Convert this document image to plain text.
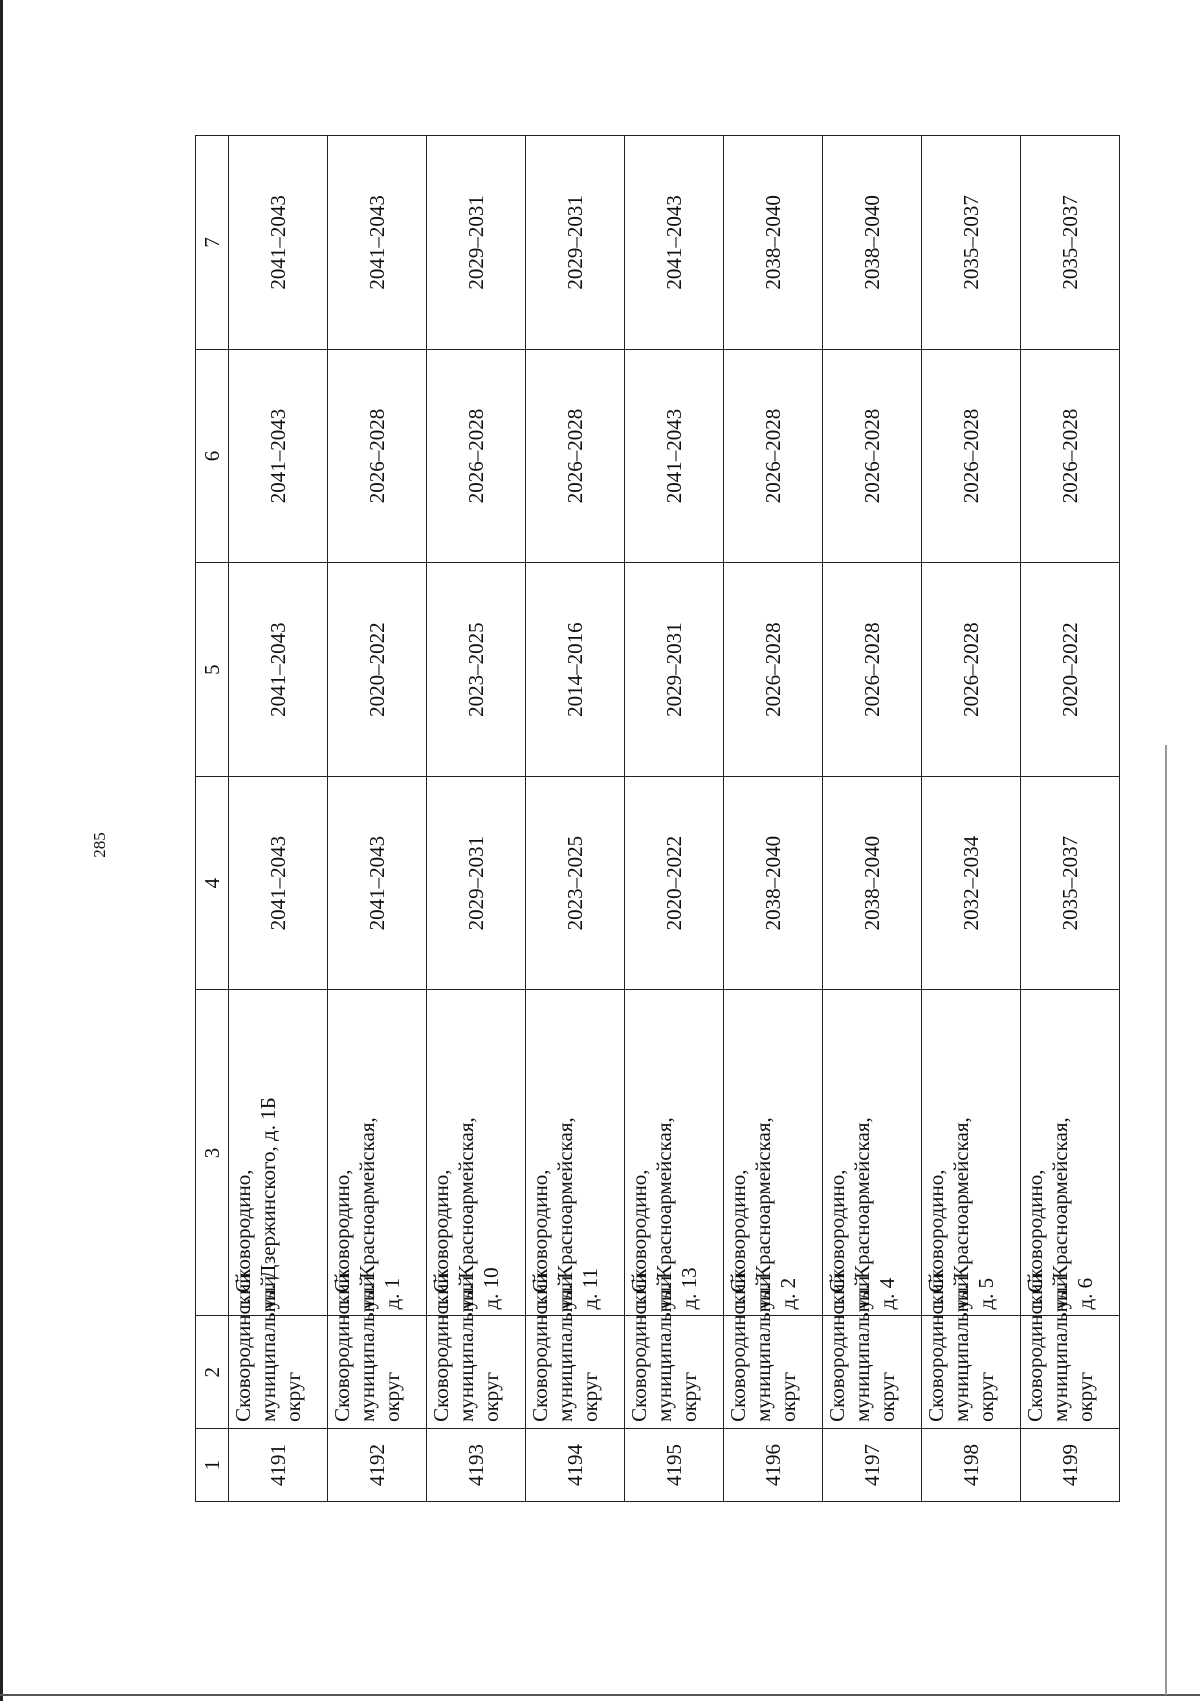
285
1	2	3	4	5	6	7
4191	Сковородинский муниципальный округ	г. Сковородино,
ул. Дзержинского, д. 1Б	2041–2043	2041–2043	2041–2043	2041–2043
4192	Сковородинский муниципальный округ	г. Сковородино,
ул. Красноармейская,
д. 1	2041–2043	2020–2022	2026–2028	2041–2043
4193	Сковородинский муниципальный округ	г. Сковородино,
ул. Красноармейская,
д. 10	2029–2031	2023–2025	2026–2028	2029–2031
4194	Сковородинский муниципальный округ	г. Сковородино,
ул. Красноармейская,
д. 11	2023–2025	2014–2016	2026–2028	2029–2031
4195	Сковородинский муниципальный округ	г. Сковородино,
ул. Красноармейская,
д. 13	2020–2022	2029–2031	2041–2043	2041–2043
4196	Сковородинский муниципальный округ	г. Сковородино,
ул. Красноармейская,
д. 2	2038–2040	2026–2028	2026–2028	2038–2040
4197	Сковородинский муниципальный округ	г. Сковородино,
ул. Красноармейская,
д. 4	2038–2040	2026–2028	2026–2028	2038–2040
4198	Сковородинский муниципальный округ	г. Сковородино,
ул. Красноармейская,
д. 5	2032–2034	2026–2028	2026–2028	2035–2037
4199	Сковородинский муниципальный округ	г. Сковородино,
ул. Красноармейская,
д. 6	2035–2037	2020–2022	2026–2028	2035–2037
